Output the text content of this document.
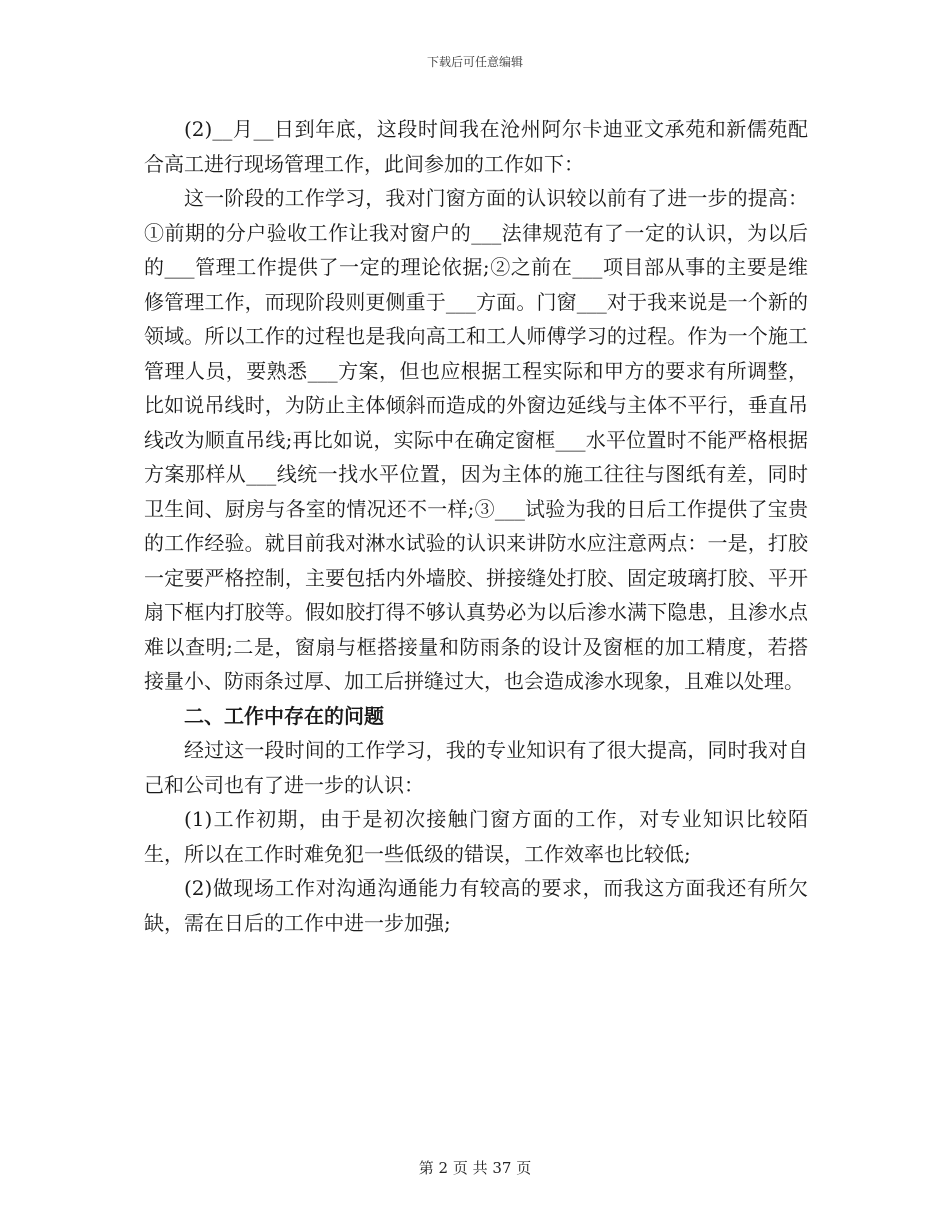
下载后可任意编辑

(2)__月__日到年底，这段时间我在沧州阿尔卡迪亚文承苑和新儒苑配合高工进行现场管理工作，此间参加的工作如下：

这一阶段的工作学习，我对门窗方面的认识较以前有了进一步的提高：①前期的分户验收工作让我对窗户的___法律规范有了一定的认识，为以后的___管理工作提供了一定的理论依据;②之前在___项目部从事的主要是维修管理工作，而现阶段则更侧重于___方面。门窗___对于我来说是一个新的领域。所以工作的过程也是我向高工和工人师傅学习的过程。作为一个施工管理人员，要熟悉___方案，但也应根据工程实际和甲方的要求有所调整，比如说吊线时，为防止主体倾斜而造成的外窗边延线与主体不平行，垂直吊线改为顺直吊线;再比如说，实际中在确定窗框___水平位置时不能严格根据方案那样从___线统一找水平位置，因为主体的施工往往与图纸有差，同时卫生间、厨房与各室的情况还不一样;③___试验为我的日后工作提供了宝贵的工作经验。就目前我对淋水试验的认识来讲防水应注意两点：一是，打胶一定要严格控制，主要包括内外墙胶、拼接缝处打胶、固定玻璃打胶、平开扇下框内打胶等。假如胶打得不够认真势必为以后渗水满下隐患，且渗水点难以查明;二是，窗扇与框搭接量和防雨条的设计及窗框的加工精度，若搭接量小、防雨条过厚、加工后拼缝过大，也会造成渗水现象，且难以处理。

二、工作中存在的问题

经过这一段时间的工作学习，我的专业知识有了很大提高，同时我对自己和公司也有了进一步的认识：

(1)工作初期，由于是初次接触门窗方面的工作，对专业知识比较陌生，所以在工作时难免犯一些低级的错误，工作效率也比较低;

(2)做现场工作对沟通沟通能力有较高的要求，而我这方面我还有所欠缺，需在日后的工作中进一步加强;

第 2 页 共 37 页
